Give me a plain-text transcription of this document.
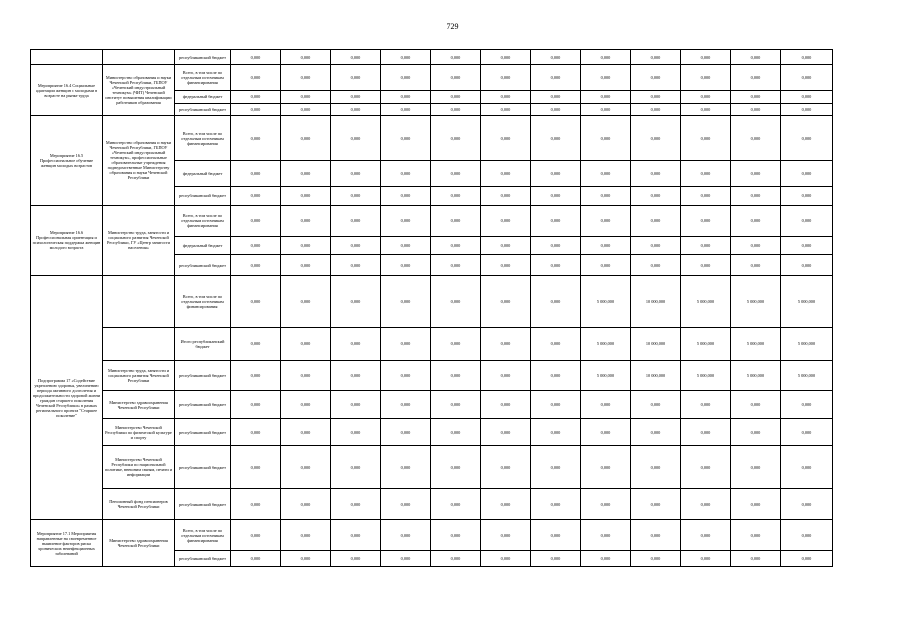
729
		республиканский бюджет	0,000	0,000	0,000	0,000	0,000	0,000	0,000	0,000	0,000	0,000	0,000	0,000
Мероприятие 16.4 Социальные адаптации женщин с молодыми в возрасте на рынке труда	Министерство образования и науки Чеченской Республики, ГБПОУ «Чеченский индустриальный техникум» (ЧИТ) Чеченский институт повышения квалификации работников образования	Всего, в том числе по отдельным источникам финансирования	0,000	0,000	0,000	0,000	0,000	0,000	0,000	0,000	0,000	0,000	0,000	0,000
		федеральный бюджет	0,000	0,000	0,000	0,000	0,000	0,000	0,000	0,000	0,000	0,000	0,000	0,000
		республиканский бюджет	0,000	0,000	0,000	0,000	0,000	0,000	0,000	0,000	0,000	0,000	0,000	0,000
Мероприятие 16.5 Профессиональное обучение женщин молодых возрастов	Министерство образования и науки Чеченской Республики, ГБПОУ «Чеченский индустриальный техникум», профессиональные образовательные учреждения подведомственные Министерству образования и науки Чеченской Республики	Всего, в том числе по отдельным источникам финансирования	0,000	0,000	0,000	0,000	0,000	0,000	0,000	0,000	0,000	0,000	0,000	0,000
		федеральный бюджет	0,000	0,000	0,000	0,000	0,000	0,000	0,000	0,000	0,000	0,000	0,000	0,000
		республиканский бюджет	0,000	0,000	0,000	0,000	0,000	0,000	0,000	0,000	0,000	0,000	0,000	0,000
Мероприятие 16.6 Профессиональная ориентация и психологическая поддержка женщин молодого возраста	Министерство труда, занятости и социального развития Чеченской Республики, ГУ «Центр занятости населения»	Всего, в том числе по отдельным источникам финансирования	0,000	0,000	0,000	0,000	0,000	0,000	0,000	0,000	0,000	0,000	0,000	0,000
		федеральный бюджет	0,000	0,000	0,000	0,000	0,000	0,000	0,000	0,000	0,000	0,000	0,000	0,000
		республиканский бюджет	0,000	0,000	0,000	0,000	0,000	0,000	0,000	0,000	0,000	0,000	0,000	0,000
Подпрограмма 17 «Содействие укреплению здоровья, увеличению периода активного долголетия и продолжительности здоровой жизни граждан старшего поколения Чеченской Республики» в рамках регионального проекта "Старшее поколение"		Всего, в том числе по отдельным источникам финансирования:	0,000	0,000	0,000	0,000	0,000	0,000	0,000	5 000,000	10 000,000	5 000,000	5 000,000	5 000,000
		Итого республиканский бюджет	0,000	0,000	0,000	0,000	0,000	0,000	0,000	5 000,000	10 000,000	5 000,000	5 000,000	5 000,000
	Министерство труда, занятости и социального развития Чеченской Республики	республиканский бюджет	0,000	0,000	0,000	0,000	0,000	0,000	0,000	5 000,000	10 000,000	5 000,000	5 000,000	5 000,000
	Министерство здравоохранения Чеченской Республики	республиканский бюджет	0,000	0,000	0,000	0,000	0,000	0,000	0,000	0,000	0,000	0,000	0,000	0,000
	Министерство Чеченской Республики по физической культуре и спорту	республиканский бюджет	0,000	0,000	0,000	0,000	0,000	0,000	0,000	0,000	0,000	0,000	0,000	0,000
	Министерство Чеченской Республики по национальной политике, внешним связям, печати и информации	республиканский бюджет	0,000	0,000	0,000	0,000	0,000	0,000	0,000	0,000	0,000	0,000	0,000	0,000
	Пенсионный фонд пенсионеров Чеченской Республики	республиканский бюджет	0,000	0,000	0,000	0,000	0,000	0,000	0,000	0,000	0,000	0,000	0,000	0,000
Мероприятие 17.1 Мероприятия направленные на своевременное выявление факторов риска хронических неинфекционных заболеваний	Министерство здравоохранения Чеченской Республики	Всего, в том числе по отдельным источникам финансирования	0,000	0,000	0,000	0,000	0,000	0,000	0,000	0,000	0,000	0,000	0,000	0,000
		республиканский бюджет	0,000	0,000	0,000	0,000	0,000	0,000	0,000	0,000	0,000	0,000	0,000	0,000
